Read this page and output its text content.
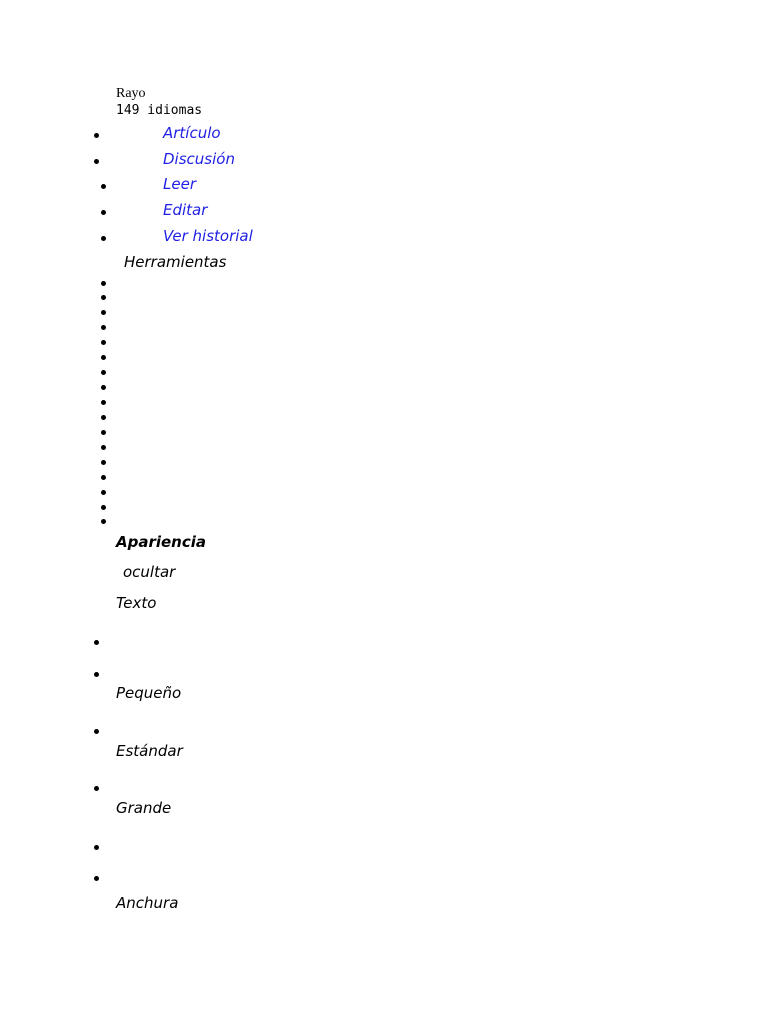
Rayo
149 idiomas
Artículo
Discusión
Leer
Editar
Ver historial
Herramientas
Apariencia
ocultar
Texto
Pequeño
Estándar
Grande
Anchura
